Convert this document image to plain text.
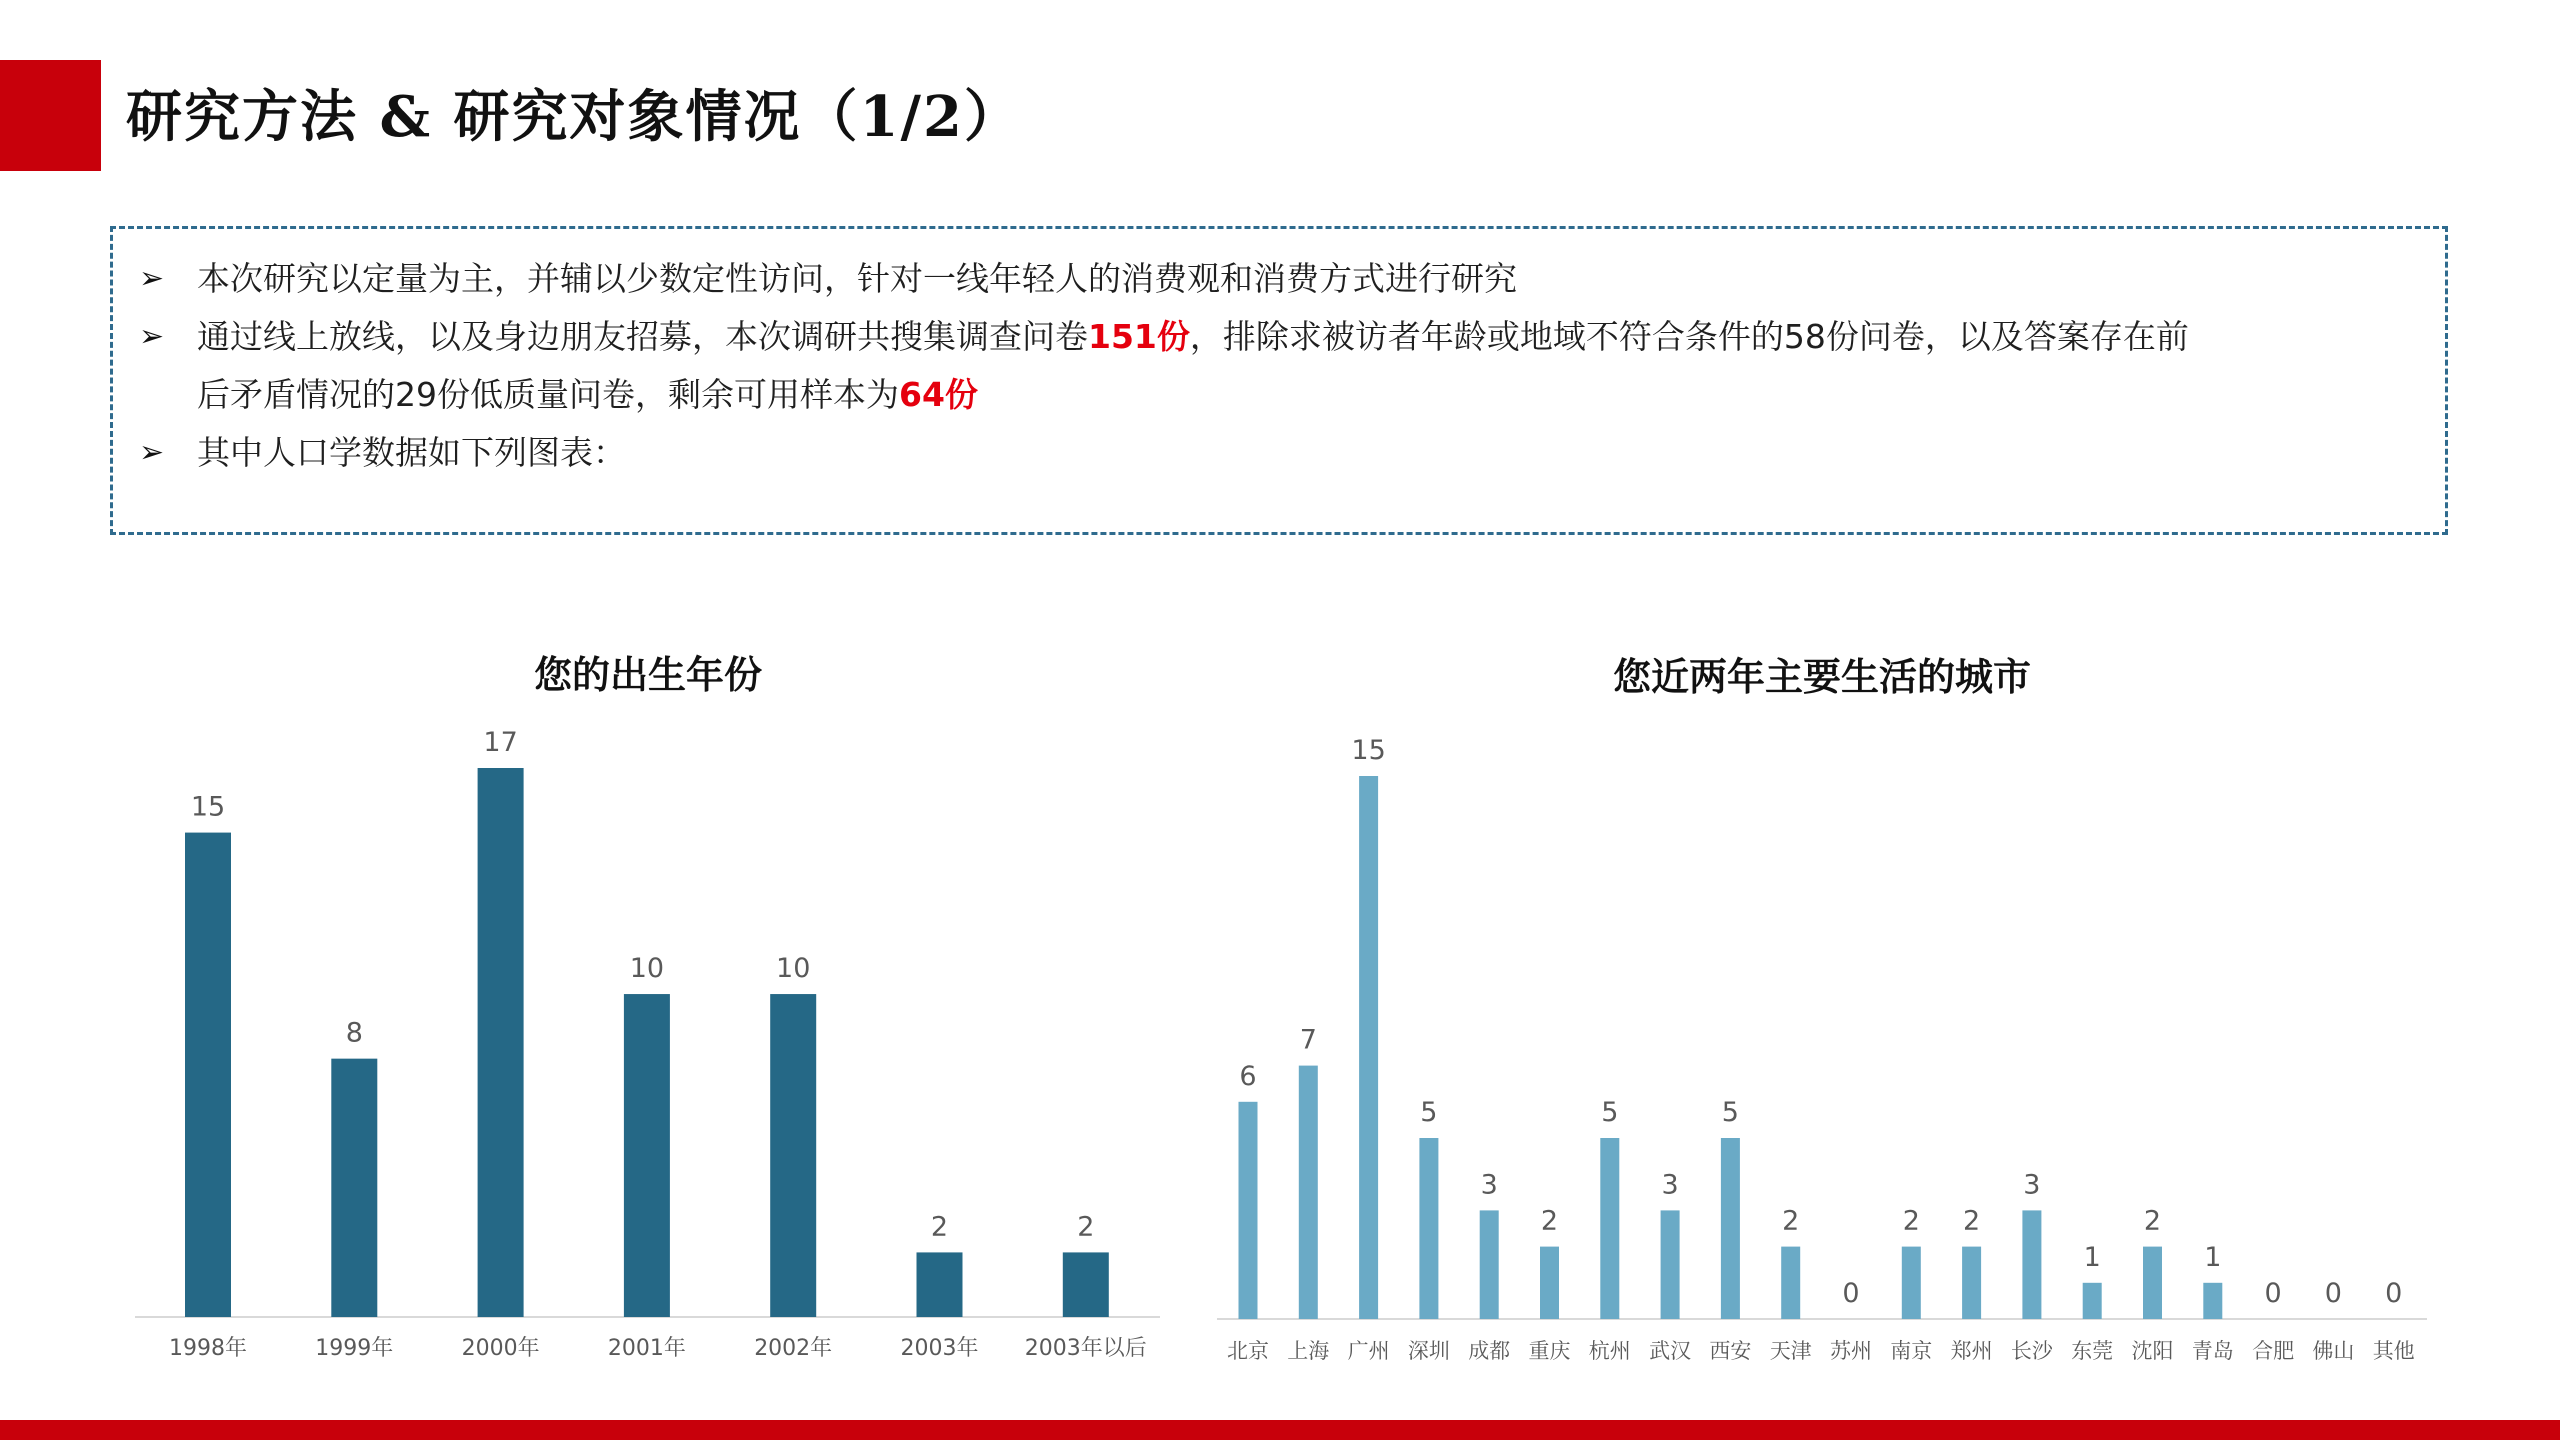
研究方法 & 研究对象情况（1/2）
➢ 本次研究以定量为主，并辅以少数定性访问，针对一线年轻人的消费观和消费方式进行研究
➢ 通过线上放线，以及身边朋友招募，本次调研共搜集调查问卷151份，排除求被访者年龄或地域不符合条件的58份问卷，以及答案存在前
后矛盾情况的29份低质量问卷，剩余可用样本为64份
➢ 其中人口学数据如下列图表：
您的出生年份	您近两年主要生活的城市
15
1998年
8
1999年
17
2000年
10
2001年
10
2002年
2
2003年
2
2003年以后
6
北京
7
上海
15
广州
5
深圳
3
成都
2
重庆
5
杭州
3
武汉
5
西安
2
天津
0
苏州
2
南京
2
郑州
3
长沙
1
东莞
2
沈阳
1
青岛
0
合肥
0
佛山
0
其他
